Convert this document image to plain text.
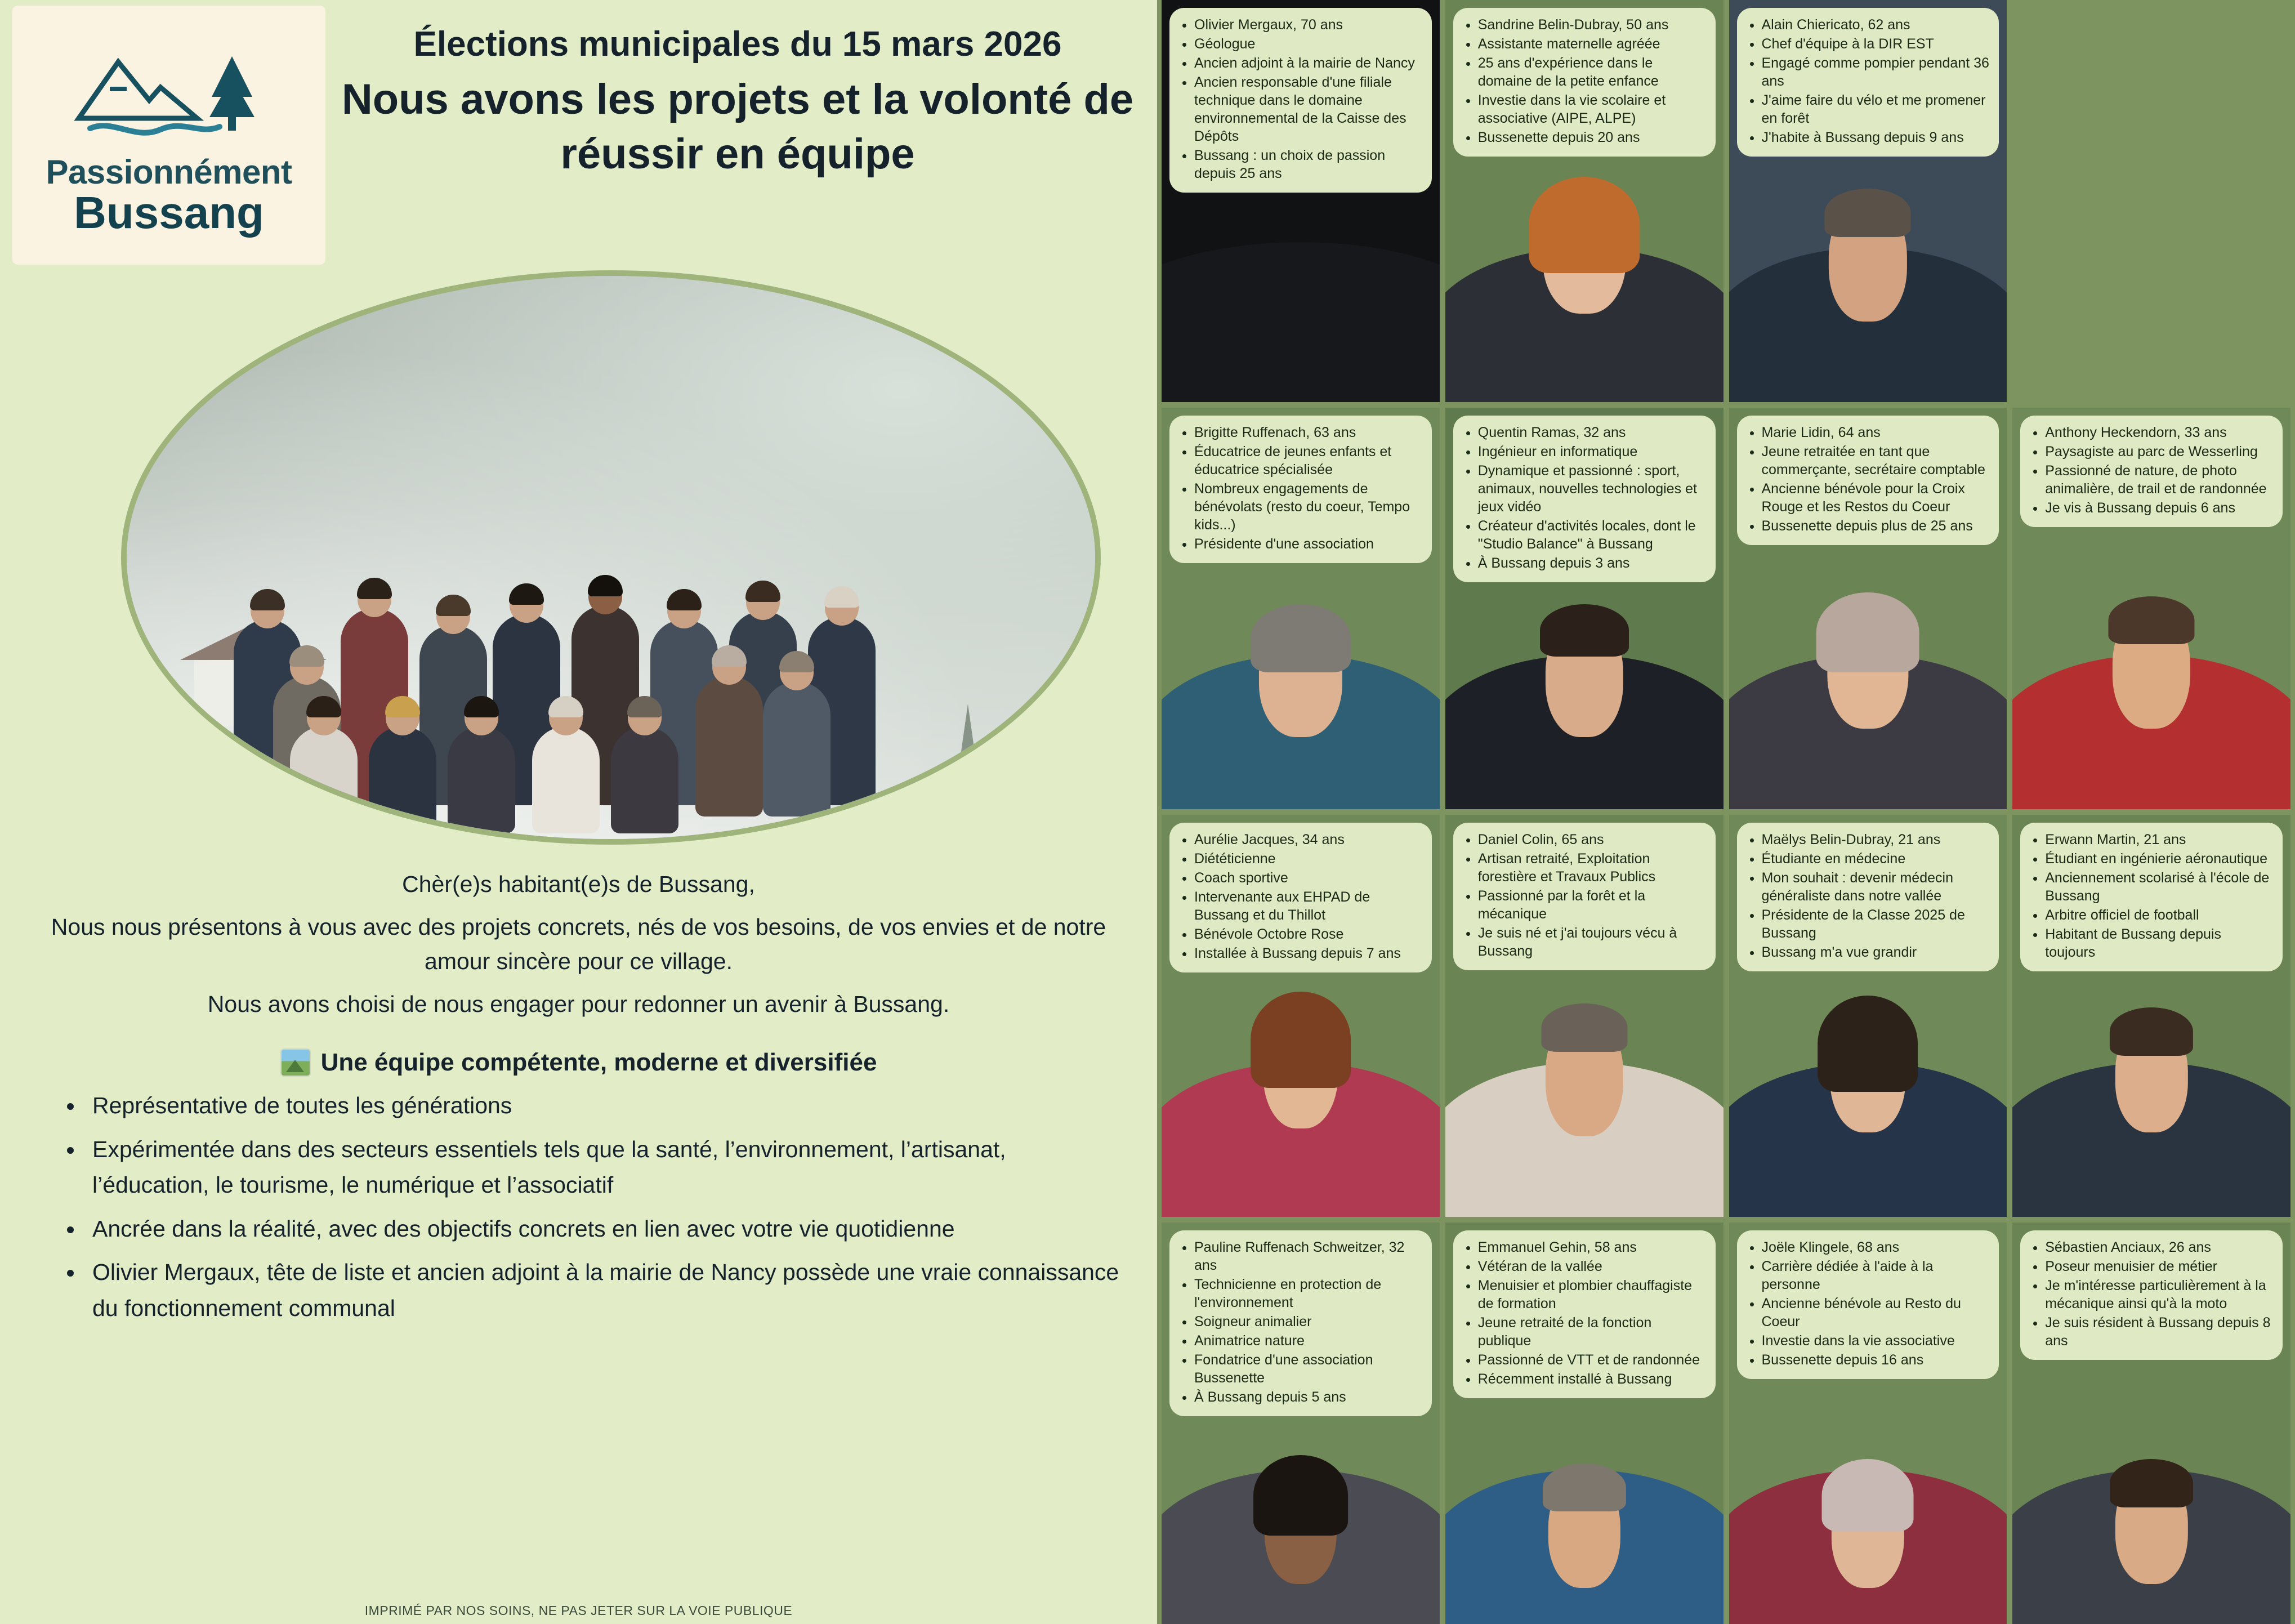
Passionnément
Bussang
Élections municipales du 15 mars 2026
Nous avons les projets et la volonté de réussir en équipe

Chèr(e)s habitant(e)s de Bussang,

Nous nous présentons à vous avec des projets concrets, nés de vos besoins, de vos envies et de notre amour sincère pour ce village.

Nous avons choisi de nous engager pour redonner un avenir à Bussang.

Une équipe compétente, moderne et diversifiée
• Représentative de toutes les générations
• Expérimentée dans des secteurs essentiels tels que la santé, l’environnement, l’artisanat, l’éducation, le tourisme, le numérique et l’associatif
• Ancrée dans la réalité, avec des objectifs concrets en lien avec votre vie quotidienne
• Olivier Mergaux, tête de liste et ancien adjoint à la mairie de Nancy possède une vraie connaissance du fonctionnement communal
IMPRIMÉ PAR NOS SOINS, NE PAS JETER SUR LA VOIE PUBLIQUE
• Olivier Mergaux, 70 ans
• Géologue
• Ancien adjoint à la mairie de Nancy
• Ancien responsable d'une filiale technique dans le domaine environnemental de la Caisse des Dépôts
• Bussang : un choix de passion depuis 25 ans
• Sandrine Belin-Dubray, 50 ans
• Assistante maternelle agréée
• 25 ans d'expérience dans le domaine de la petite enfance
• Investie dans la vie scolaire et associative (AIPE, ALPE)
• Bussenette depuis 20 ans
• Alain Chiericato, 62 ans
• Chef d'équipe à la DIR EST
• Engagé comme pompier pendant 36 ans
• J'aime faire du vélo et me promener en forêt
• J'habite à Bussang depuis 9 ans
• Brigitte Ruffenach, 63 ans
• Éducatrice de jeunes enfants et éducatrice spécialisée
• Nombreux engagements de bénévolats (resto du coeur, Tempo kids...)
• Présidente d'une association
• Quentin Ramas, 32 ans
• Ingénieur en informatique
• Dynamique et passionné : sport, animaux, nouvelles technologies et jeux vidéo
• Créateur d'activités locales, dont le "Studio Balance" à Bussang
• À Bussang depuis 3 ans
• Marie Lidin, 64 ans
• Jeune retraitée en tant que commerçante, secrétaire comptable
• Ancienne bénévole pour la Croix Rouge et les Restos du Coeur
• Bussenette depuis plus de 25 ans
• Anthony Heckendorn, 33 ans
• Paysagiste au parc de Wesserling
• Passionné de nature, de photo animalière, de trail et de randonnée
• Je vis à Bussang depuis 6 ans
• Aurélie Jacques, 34 ans
• Diététicienne
• Coach sportive
• Intervenante aux EHPAD de Bussang et du Thillot
• Bénévole Octobre Rose
• Installée à Bussang depuis 7 ans
• Daniel Colin, 65 ans
• Artisan retraité, Exploitation forestière et Travaux Publics
• Passionné par la forêt et la mécanique
• Je suis né et j'ai toujours vécu à Bussang
• Maëlys Belin-Dubray, 21 ans
• Étudiante en médecine
• Mon souhait : devenir médecin généraliste dans notre vallée
• Présidente de la Classe 2025 de Bussang
• Bussang m'a vue grandir
• Erwann Martin, 21 ans
• Étudiant en ingénierie aéronautique
• Anciennement scolarisé à l'école de Bussang
• Arbitre officiel de football
• Habitant de Bussang depuis toujours
• Pauline Ruffenach Schweitzer, 32 ans
• Technicienne en protection de l'environnement
• Soigneur animalier
• Animatrice nature
• Fondatrice d'une association Bussenette
• À Bussang depuis 5 ans
• Emmanuel Gehin, 58 ans
• Vétéran de la vallée
• Menuisier et plombier chauffagiste de formation
• Jeune retraité de la fonction publique
• Passionné de VTT et de randonnée
• Récemment installé à Bussang
• Joële Klingele, 68 ans
• Carrière dédiée à l'aide à la personne
• Ancienne bénévole au Resto du Coeur
• Investie dans la vie associative
• Bussenette depuis 16 ans
• Sébastien Anciaux, 26 ans
• Poseur menuisier de métier
• Je m'intéresse particulièrement à la mécanique ainsi qu'à la moto
• Je suis résident à Bussang depuis 8 ans
